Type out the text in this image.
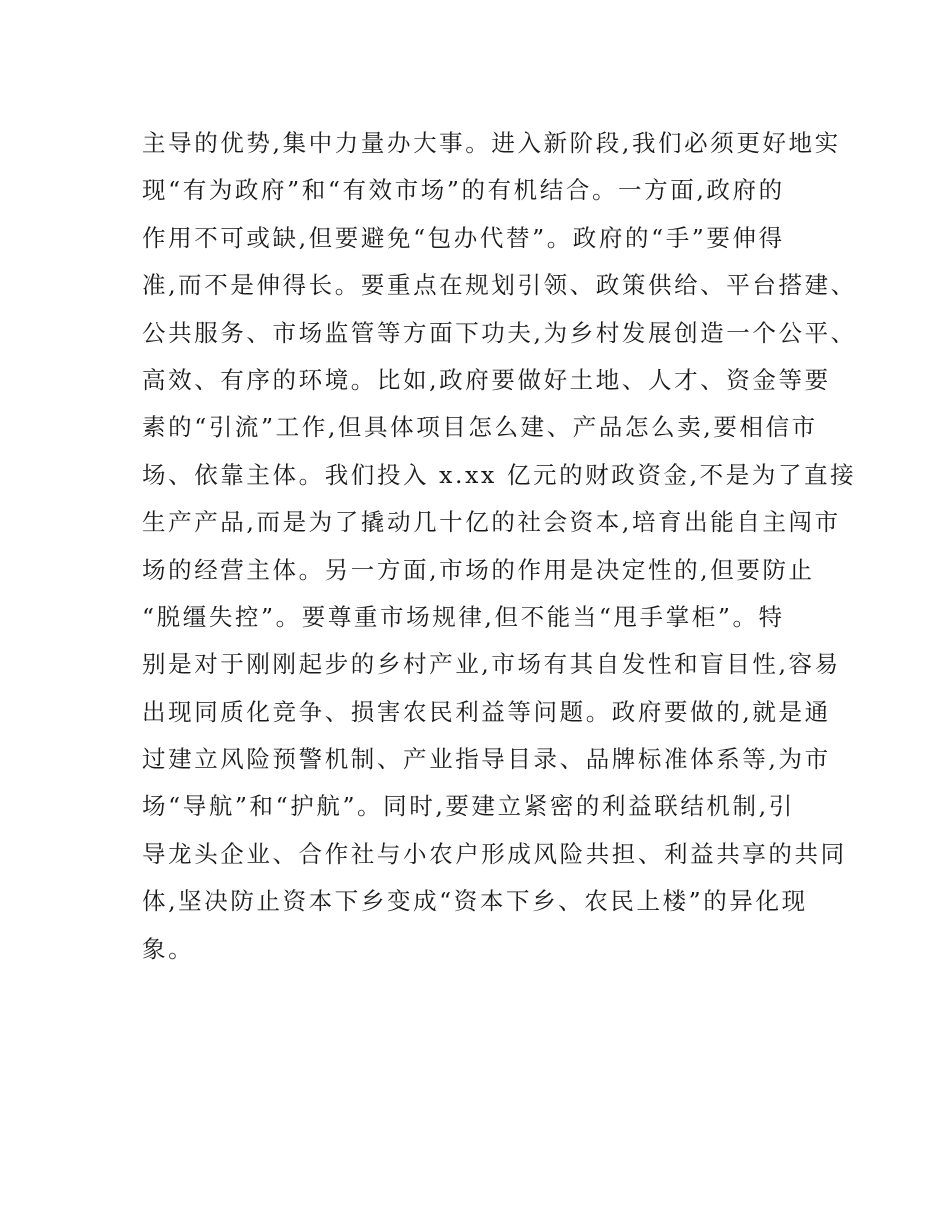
主导的优势,集中力量办大事。进入新阶段,我们必须更好地实
现“有为政府”和“有效市场”的有机结合。一方面,政府的
作用不可或缺,但要避免“包办代替”。政府的“手”要伸得
准,而不是伸得长。要重点在规划引领、政策供给、平台搭建、
公共服务、市场监管等方面下功夫,为乡村发展创造一个公平、
高效、有序的环境。比如,政府要做好土地、人才、资金等要
素的“引流”工作,但具体项目怎么建、产品怎么卖,要相信市
场、依靠主体。我们投入 x.xx 亿元的财政资金,不是为了直接
生产产品,而是为了撬动几十亿的社会资本,培育出能自主闯市
场的经营主体。另一方面,市场的作用是决定性的,但要防止
“脱缰失控”。要尊重市场规律,但不能当“甩手掌柜”。特
别是对于刚刚起步的乡村产业,市场有其自发性和盲目性,容易
出现同质化竞争、损害农民利益等问题。政府要做的,就是通
过建立风险预警机制、产业指导目录、品牌标准体系等,为市
场“导航”和“护航”。同时,要建立紧密的利益联结机制,引
导龙头企业、合作社与小农户形成风险共担、利益共享的共同
体,坚决防止资本下乡变成“资本下乡、农民上楼”的异化现
象。
